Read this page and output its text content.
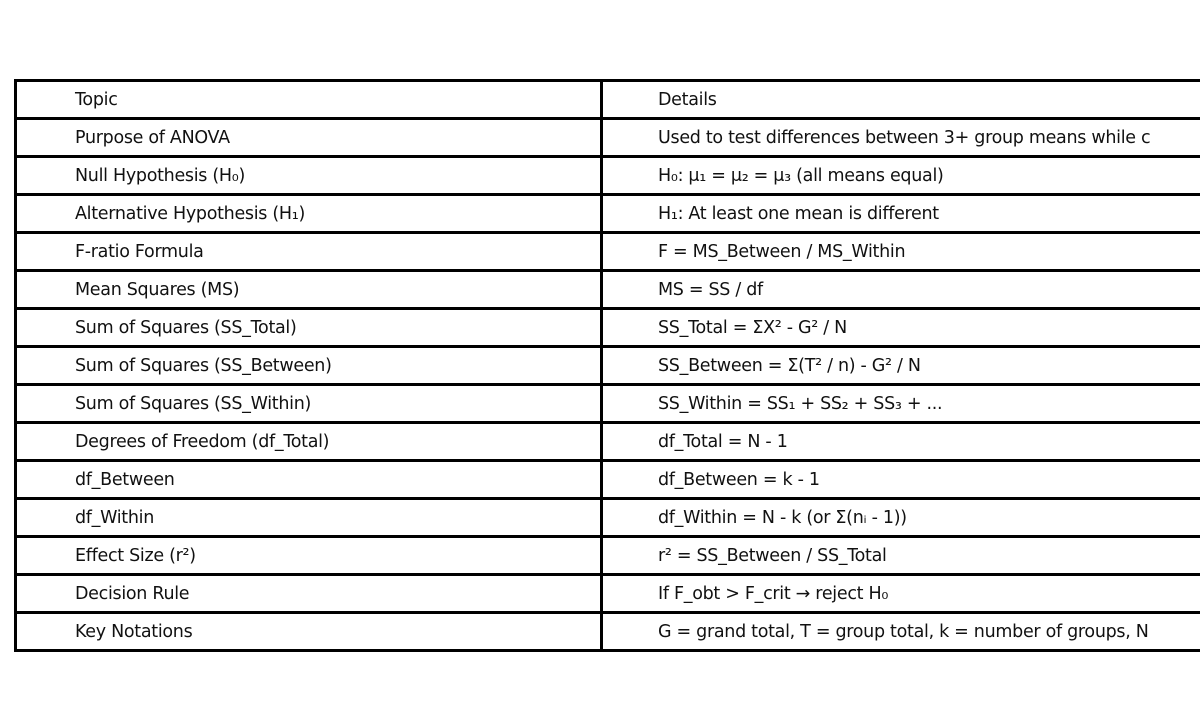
Topic	Details
Purpose of ANOVA	Used to test differences between 3+ group means while c
Null Hypothesis (H₀)	H₀: μ₁ = μ₂ = μ₃ (all means equal)
Alternative Hypothesis (H₁)	H₁: At least one mean is different
F-ratio Formula	F = MS_Between / MS_Within
Mean Squares (MS)	MS = SS / df
Sum of Squares (SS_Total)	SS_Total = ΣX² - G² / N
Sum of Squares (SS_Between)	SS_Between = Σ(T² / n) - G² / N
Sum of Squares (SS_Within)	SS_Within = SS₁ + SS₂ + SS₃ + ...
Degrees of Freedom (df_Total)	df_Total = N - 1
df_Between	df_Between = k - 1
df_Within	df_Within = N - k (or Σ(nᵢ - 1))
Effect Size (r²)	r² = SS_Between / SS_Total
Decision Rule	If F_obt > F_crit → reject H₀
Key Notations	G = grand total, T = group total, k = number of groups, N
